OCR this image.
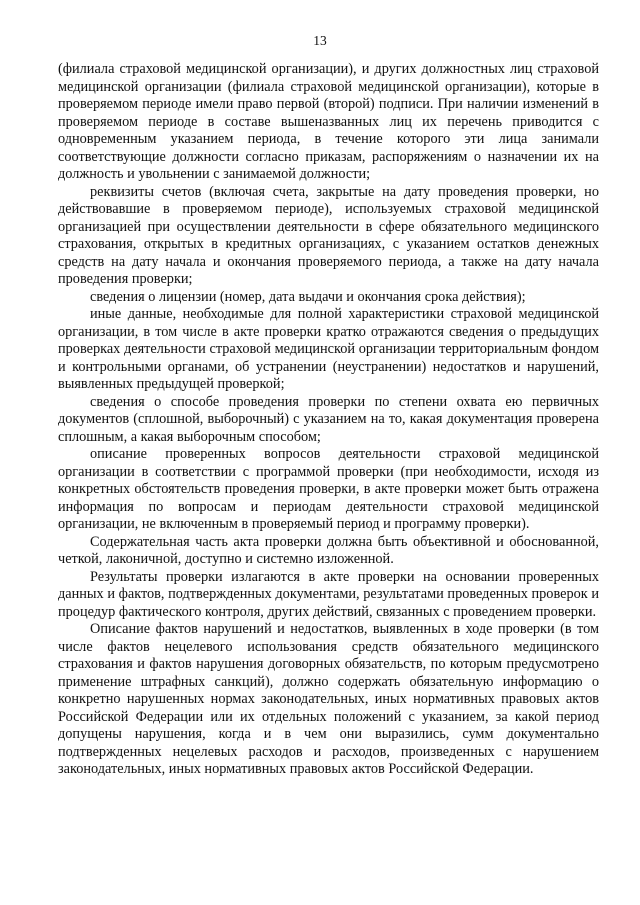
13

(филиала страховой медицинской организации), и других должностных лиц страховой медицинской организации (филиала страховой медицинской организации), которые в проверяемом периоде имели право первой (второй) подписи. При наличии изменений в проверяемом периоде в составе вышеназванных лиц их перечень приводится с одновременным указанием периода, в течение которого эти лица занимали соответствующие должности согласно приказам, распоряжениям о назначении их на должность и увольнении с занимаемой должности;

реквизиты счетов (включая счета, закрытые на дату проведения проверки, но действовавшие в проверяемом периоде), используемых страховой медицинской организацией при осуществлении деятельности в сфере обязательного медицинского страхования, открытых в кредитных организациях, с указанием остатков денежных средств на дату начала и окончания проверяемого периода, а также на дату начала проведения проверки;

сведения о лицензии (номер, дата выдачи и окончания срока действия);

иные данные, необходимые для полной характеристики страховой медицинской организации, в том числе в акте проверки кратко отражаются сведения о предыдущих проверках деятельности страховой медицинской организации территориальным фондом и контрольными органами, об устранении (неустранении) недостатков и нарушений, выявленных предыдущей проверкой;

сведения о способе проведения проверки по степени охвата ею первичных документов (сплошной, выборочный) с указанием на то, какая документация проверена сплошным, а какая выборочным способом;

описание проверенных вопросов деятельности страховой медицинской организации в соответствии с программой проверки (при необходимости, исходя из конкретных обстоятельств проведения проверки, в акте проверки может быть отражена информация по вопросам и периодам деятельности страховой медицинской организации, не включенным в проверяемый период и программу проверки).

Содержательная часть акта проверки должна быть объективной и обоснованной, четкой, лаконичной, доступно и системно изложенной.

Результаты проверки излагаются в акте проверки на основании проверенных данных и фактов, подтвержденных документами, результатами проведенных проверок и процедур фактического контроля, других действий, связанных с проведением проверки.

Описание фактов нарушений и недостатков, выявленных в ходе проверки (в том числе фактов нецелевого использования средств обязательного медицинского страхования и фактов нарушения договорных обязательств, по которым предусмотрено применение штрафных санкций), должно содержать обязательную информацию о конкретно нарушенных нормах законодательных, иных нормативных правовых актов Российской Федерации или их отдельных положений с указанием, за какой период допущены нарушения, когда и в чем они выразились, сумм документально подтвержденных нецелевых расходов и расходов, произведенных с нарушением законодательных, иных нормативных правовых актов Российской Федерации.
